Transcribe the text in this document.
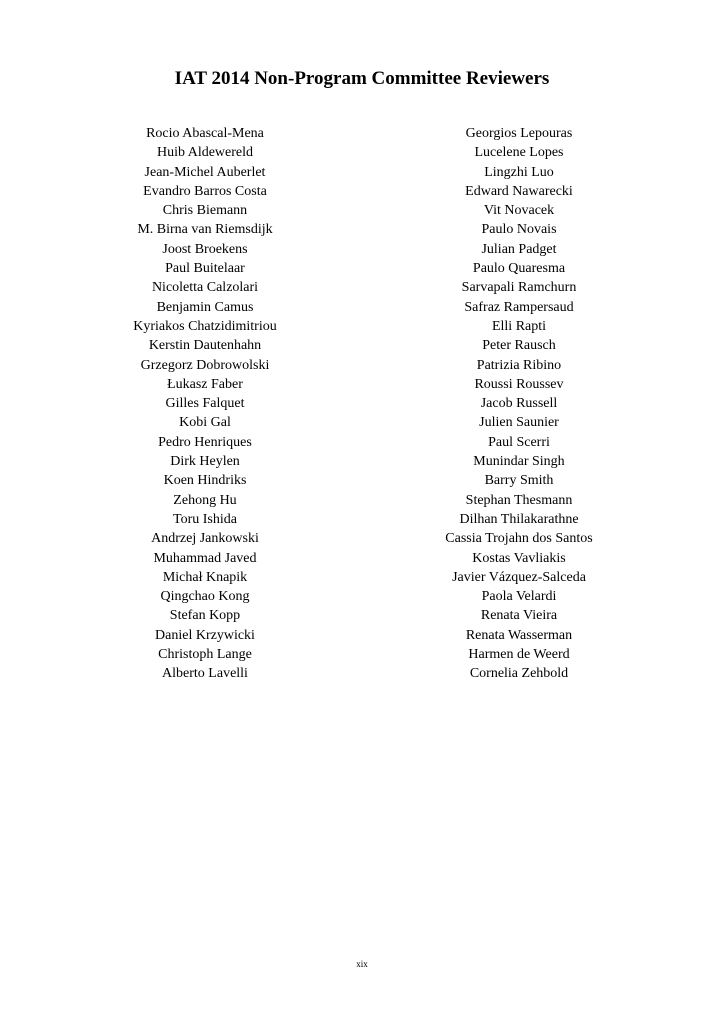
IAT 2014 Non-Program Committee Reviewers
Rocio Abascal-Mena
Huib Aldewereld
Jean-Michel Auberlet
Evandro Barros Costa
Chris Biemann
M. Birna van Riemsdijk
Joost Broekens
Paul Buitelaar
Nicoletta Calzolari
Benjamin Camus
Kyriakos Chatzidimitriou
Kerstin Dautenhahn
Grzegorz Dobrowolski
Łukasz Faber
Gilles Falquet
Kobi Gal
Pedro Henriques
Dirk Heylen
Koen Hindriks
Zehong Hu
Toru Ishida
Andrzej Jankowski
Muhammad Javed
Michał Knapik
Qingchao Kong
Stefan Kopp
Daniel Krzywicki
Christoph Lange
Alberto Lavelli
Georgios Lepouras
Lucelene Lopes
Lingzhi Luo
Edward Nawarecki
Vit Novacek
Paulo Novais
Julian Padget
Paulo Quaresma
Sarvapali Ramchurn
Safraz Rampersaud
Elli Rapti
Peter Rausch
Patrizia Ribino
Roussi Roussev
Jacob Russell
Julien Saunier
Paul Scerri
Munindar Singh
Barry Smith
Stephan Thesmann
Dilhan Thilakarathne
Cassia Trojahn dos Santos
Kostas Vavliakis
Javier Vázquez-Salceda
Paola Velardi
Renata Vieira
Renata Wasserman
Harmen de Weerd
Cornelia Zehbold
xix
